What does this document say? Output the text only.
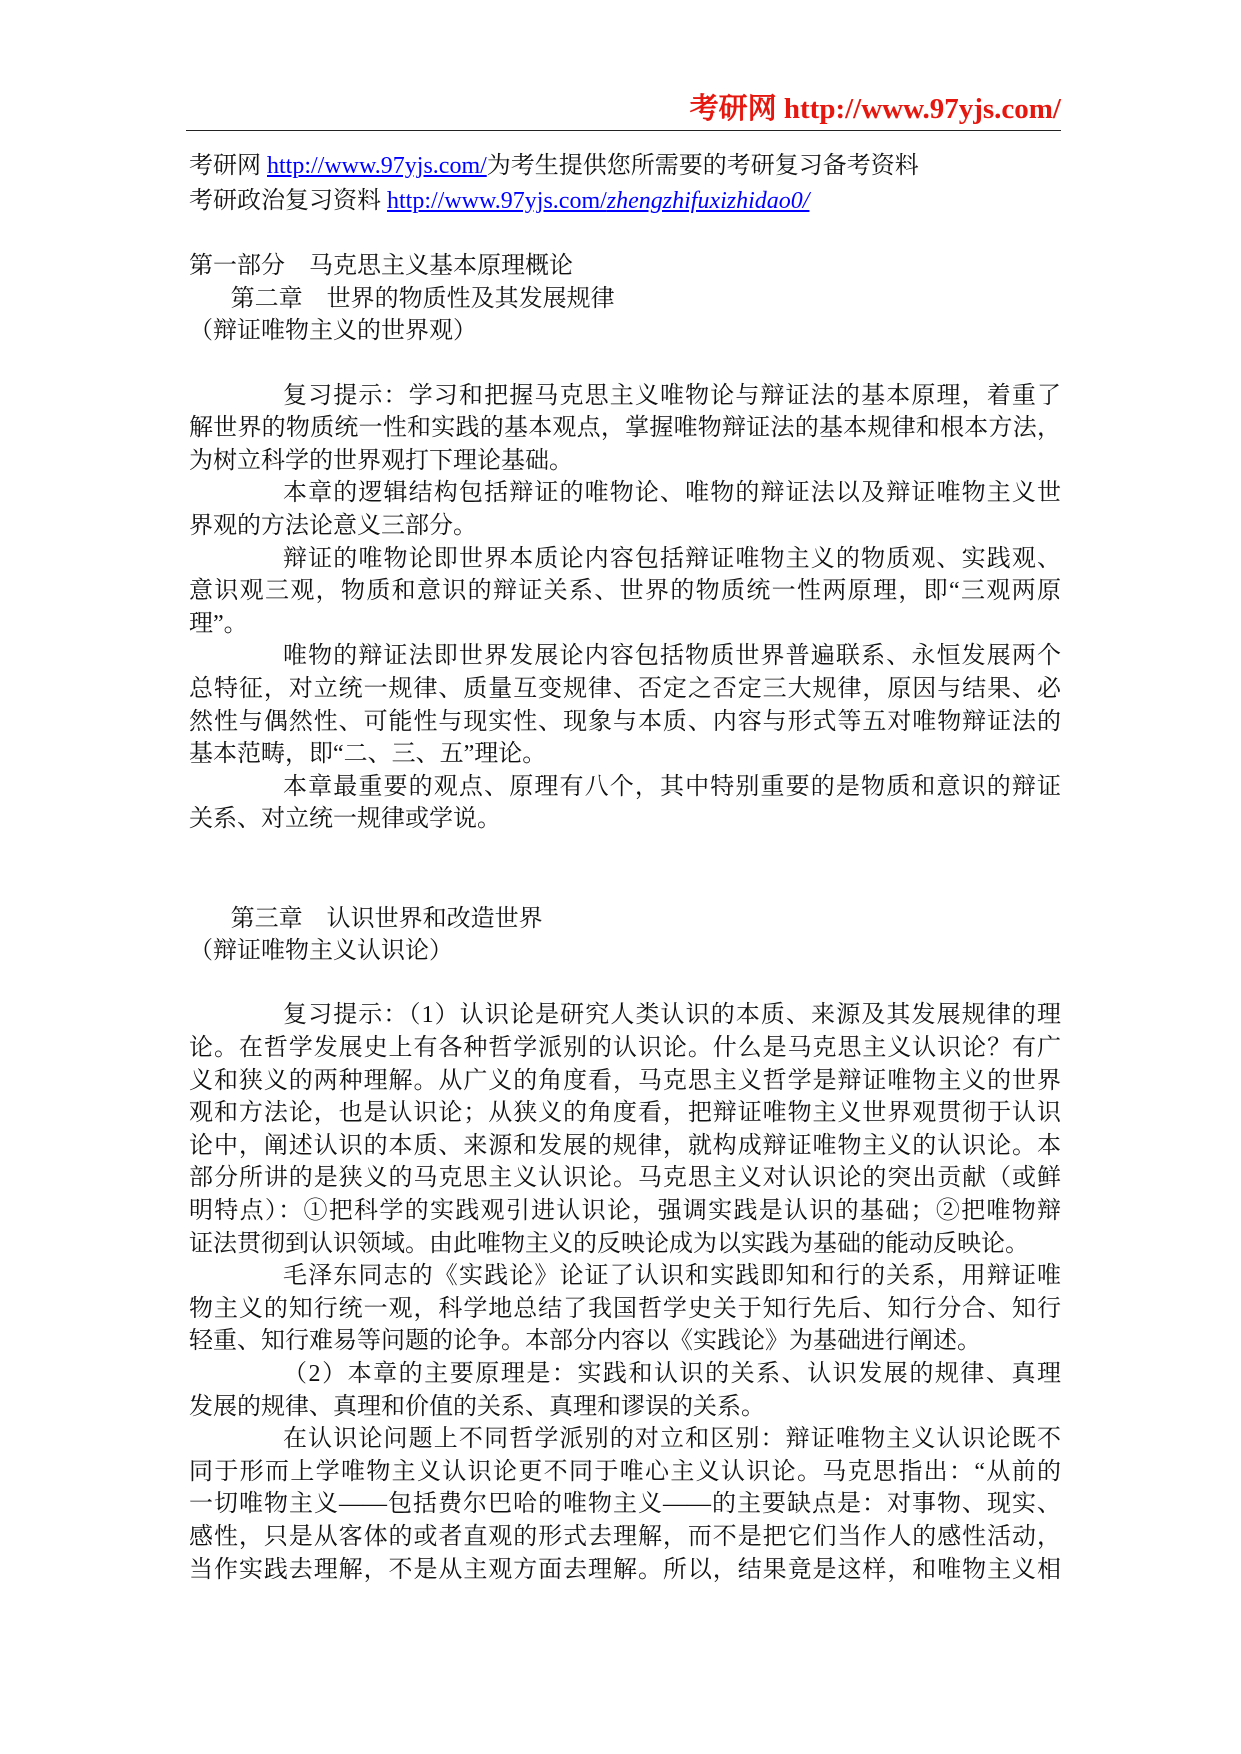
考研网 http://www.97yjs.com/
考研网 http://www.97yjs.com/为考生提供您所需要的考研复习备考资料
考研政治复习资料 http://www.97yjs.com/zhengzhifuxizhidao0/
第一部分　马克思主义基本原理概论
第二章　世界的物质性及其发展规律
（辩证唯物主义的世界观）
复习提示：学习和把握马克思主义唯物论与辩证法的基本原理，着重了
解世界的物质统一性和实践的基本观点，掌握唯物辩证法的基本规律和根本方法，
为树立科学的世界观打下理论基础。
本章的逻辑结构包括辩证的唯物论、唯物的辩证法以及辩证唯物主义世
界观的方法论意义三部分。
辩证的唯物论即世界本质论内容包括辩证唯物主义的物质观、实践观、
意识观三观，物质和意识的辩证关系、世界的物质统一性两原理，即“三观两原
理”。
唯物的辩证法即世界发展论内容包括物质世界普遍联系、永恒发展两个
总特征，对立统一规律、质量互变规律、否定之否定三大规律，原因与结果、必
然性与偶然性、可能性与现实性、现象与本质、内容与形式等五对唯物辩证法的
基本范畴，即“二、三、五”理论。
本章最重要的观点、原理有八个，其中特别重要的是物质和意识的辩证
关系、对立统一规律或学说。
第三章　认识世界和改造世界
（辩证唯物主义认识论）
复习提示：（1）认识论是研究人类认识的本质、来源及其发展规律的理
论。在哲学发展史上有各种哲学派别的认识论。什么是马克思主义认识论？有广
义和狭义的两种理解。从广义的角度看，马克思主义哲学是辩证唯物主义的世界
观和方法论，也是认识论；从狭义的角度看，把辩证唯物主义世界观贯彻于认识
论中，阐述认识的本质、来源和发展的规律，就构成辩证唯物主义的认识论。本
部分所讲的是狭义的马克思主义认识论。马克思主义对认识论的突出贡献（或鲜
明特点）：①把科学的实践观引进认识论，强调实践是认识的基础；②把唯物辩
证法贯彻到认识领域。由此唯物主义的反映论成为以实践为基础的能动反映论。
毛泽东同志的《实践论》论证了认识和实践即知和行的关系，用辩证唯
物主义的知行统一观，科学地总结了我国哲学史关于知行先后、知行分合、知行
轻重、知行难易等问题的论争。本部分内容以《实践论》为基础进行阐述。
（2）本章的主要原理是：实践和认识的关系、认识发展的规律、真理
发展的规律、真理和价值的关系、真理和谬误的关系。
在认识论问题上不同哲学派别的对立和区别：辩证唯物主义认识论既不
同于形而上学唯物主义认识论更不同于唯心主义认识论。马克思指出：“从前的
一切唯物主义——包括费尔巴哈的唯物主义——的主要缺点是：对事物、现实、
感性，只是从客体的或者直观的形式去理解，而不是把它们当作人的感性活动，
当作实践去理解，不是从主观方面去理解。所以，结果竟是这样，和唯物主义相
